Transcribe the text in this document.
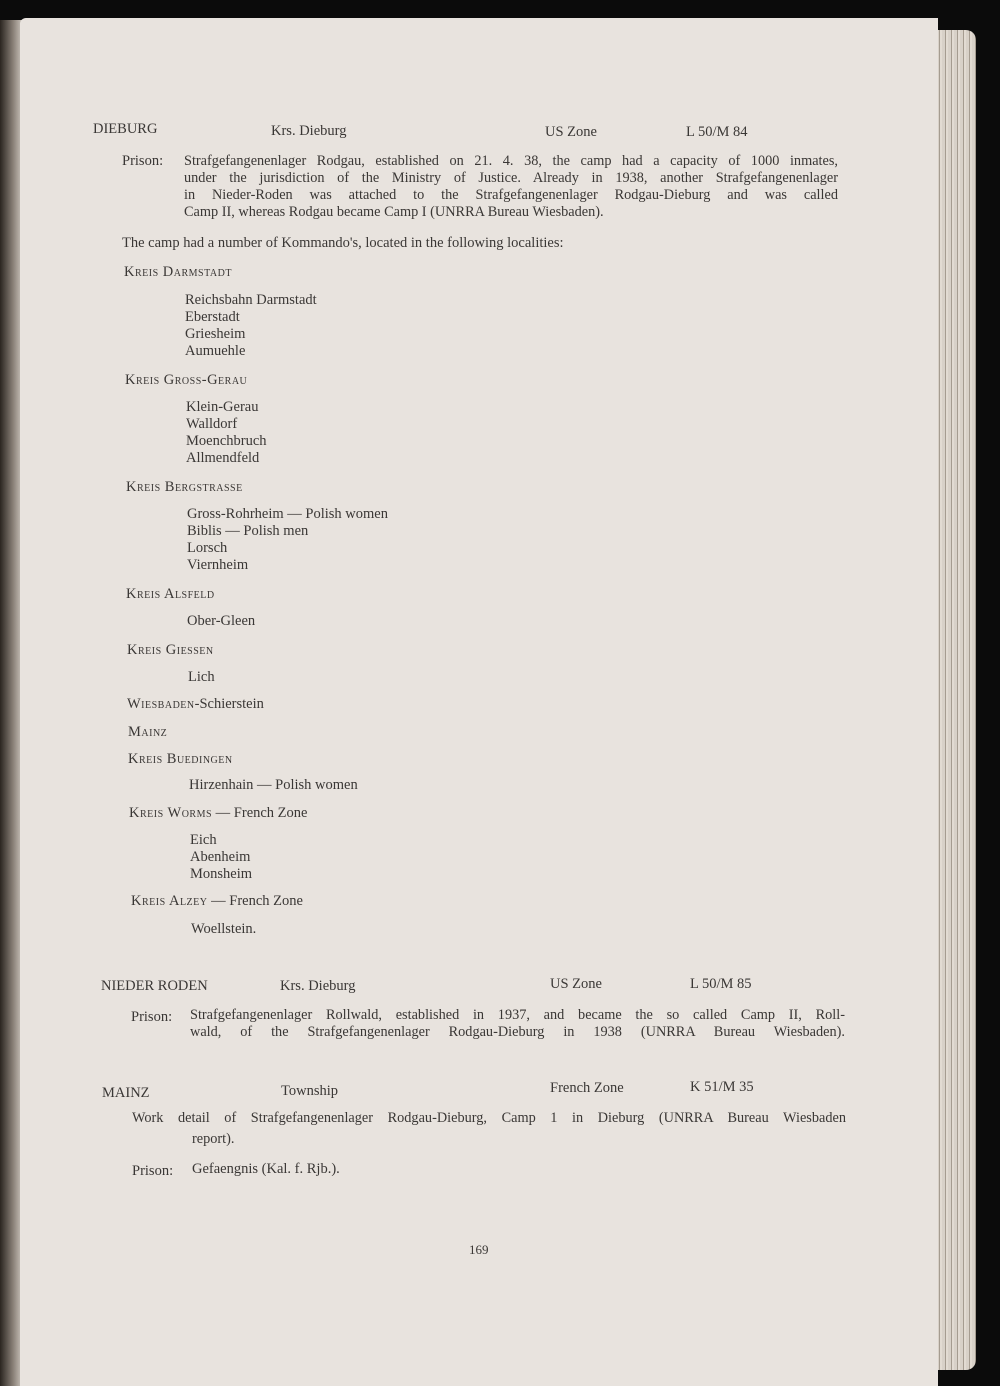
DIEBURG	Krs. Dieburg	US Zone	L 50/M 84
Prison: Strafgefangenenlager Rodgau, established on 21. 4. 38, the camp had a capacity of 1000 inmates,
under the jurisdiction of the Ministry of Justice. Already in 1938, another Strafgefangenenlager
in Nieder-Roden was attached to the Strafgefangenenlager Rodgau-Dieburg and was called
Camp II, whereas Rodgau became Camp I (UNRRA Bureau Wiesbaden).
The camp had a number of Kommando's, located in the following localities:
Kreis Darmstadt
Reichsbahn Darmstadt
Eberstadt
Griesheim
Aumuehle
Kreis Gross-Gerau
Klein-Gerau
Walldorf
Moenchbruch
Allmendfeld
Kreis Bergstrasse
Gross-Rohrheim — Polish women
Biblis — Polish men
Lorsch
Viernheim
Kreis Alsfeld
Ober-Gleen
Kreis Giessen
Lich
Wiesbaden-Schierstein
Mainz
Kreis Buedingen
Hirzenhain — Polish women
Kreis Worms — French Zone
Eich
Abenheim
Monsheim
Kreis Alzey — French Zone
Woellstein.
NIEDER RODEN	Krs. Dieburg	US Zone	L 50/M 85
Prison: Strafgefangenenlager Rollwald, established in 1937, and became the so called Camp II, Roll-
wald, of the Strafgefangenenlager Rodgau-Dieburg in 1938 (UNRRA Bureau Wiesbaden).
MAINZ	Township	French Zone	K 51/M 35
Work detail of Strafgefangenenlager Rodgau-Dieburg, Camp 1 in Dieburg (UNRRA Bureau Wiesbaden
report).
Prison: Gefaengnis (Kal. f. Rjb.).
169
